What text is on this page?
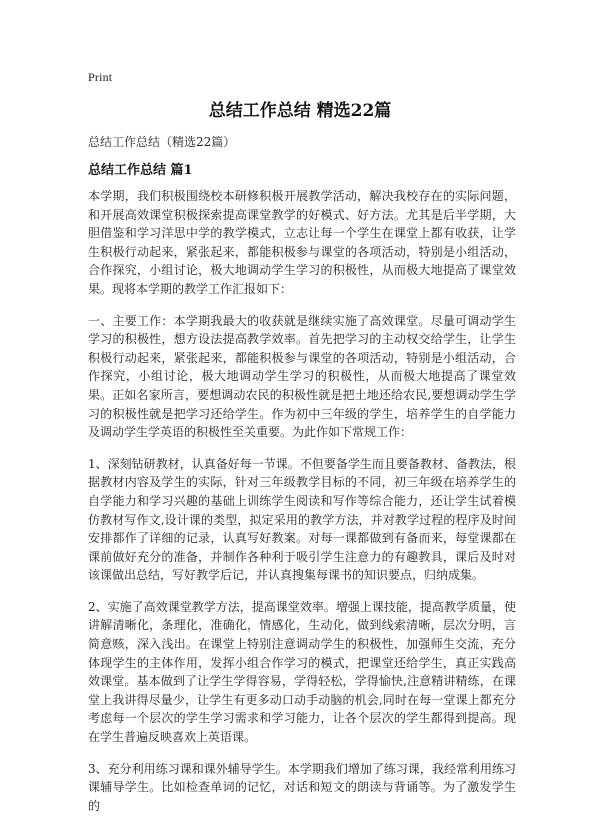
Print
总结工作总结 精选22篇
总结工作总结（精选22篇）
总结工作总结 篇1

本学期，我们积极围绕校本研修积极开展教学活动，解决我校存在的实际问题，和开展高效课堂积极探索提高课堂教学的好模式、好方法。尤其是后半学期，大胆借鉴和学习洋思中学的教学模式，立志让每一个学生在课堂上都有收获，让学生积极行动起来，紧张起来，都能积极参与课堂的各项活动，特别是小组活动，合作探究，小组讨论，极大地调动学生学习的积极性，从而极大地提高了课堂效果。现将本学期的教学工作汇报如下：

一、主要工作：本学期我最大的收获就是继续实施了高效课堂。尽量可调动学生学习的积极性，想方设法提高教学效率。首先把学习的主动权交给学生，让学生积极行动起来，紧张起来，都能积极参与课堂的各项活动，特别是小组活动，合作探究，小组讨论，极大地调动学生学习的积极性，从而极大地提高了课堂效果。正如名家所言，要想调动农民的积极性就是把土地还给农民,要想调动学生学习的积极性就是把学习还给学生。作为初中三年级的学生，培养学生的自学能力及调动学生学英语的积极性至关重要。为此作如下常规工作：

1、深刻钻研教材，认真备好每一节课。不但要备学生而且要备教材、备教法，根据教材内容及学生的实际，针对三年级教学目标的不同，初三年级在培养学生的自学能力和学习兴趣的基础上训练学生阅读和写作等综合能力，还让学生试着模仿教材写作文,设计课的类型，拟定采用的教学方法，并对教学过程的程序及时间安排都作了详细的记录，认真写好教案。对每一课都做到有备而来，每堂课都在课前做好充分的准备，并制作各种利于吸引学生注意力的有趣教具，课后及时对该课做出总结，写好教学后记，并认真搜集每课书的知识要点，归纳成集。

2、实施了高效课堂教学方法，提高课堂效率。增强上课技能，提高教学质量，使讲解清晰化，条理化，准确化，情感化，生动化，做到线索清晰，层次分明，言简意赅，深入浅出。在课堂上特别注意调动学生的积极性，加强师生交流，充分体现学生的主体作用，发挥小组合作学习的模式，把课堂还给学生，真正实践高效课堂。基本做到了让学生学得容易，学得轻松，学得愉快,注意精讲精练，在课堂上我讲得尽量少，让学生有更多动口动手动脑的机会,同时在每一堂课上都充分考虑每一个层次的学生学习需求和学习能力，让各个层次的学生都得到提高。现在学生普遍反映喜欢上英语课。

3、充分利用练习课和课外辅导学生。本学期我们增加了练习课，我经常利用练习课辅导学生。比如检查单词的记忆，对话和短文的朗读与背诵等。为了激发学生的
